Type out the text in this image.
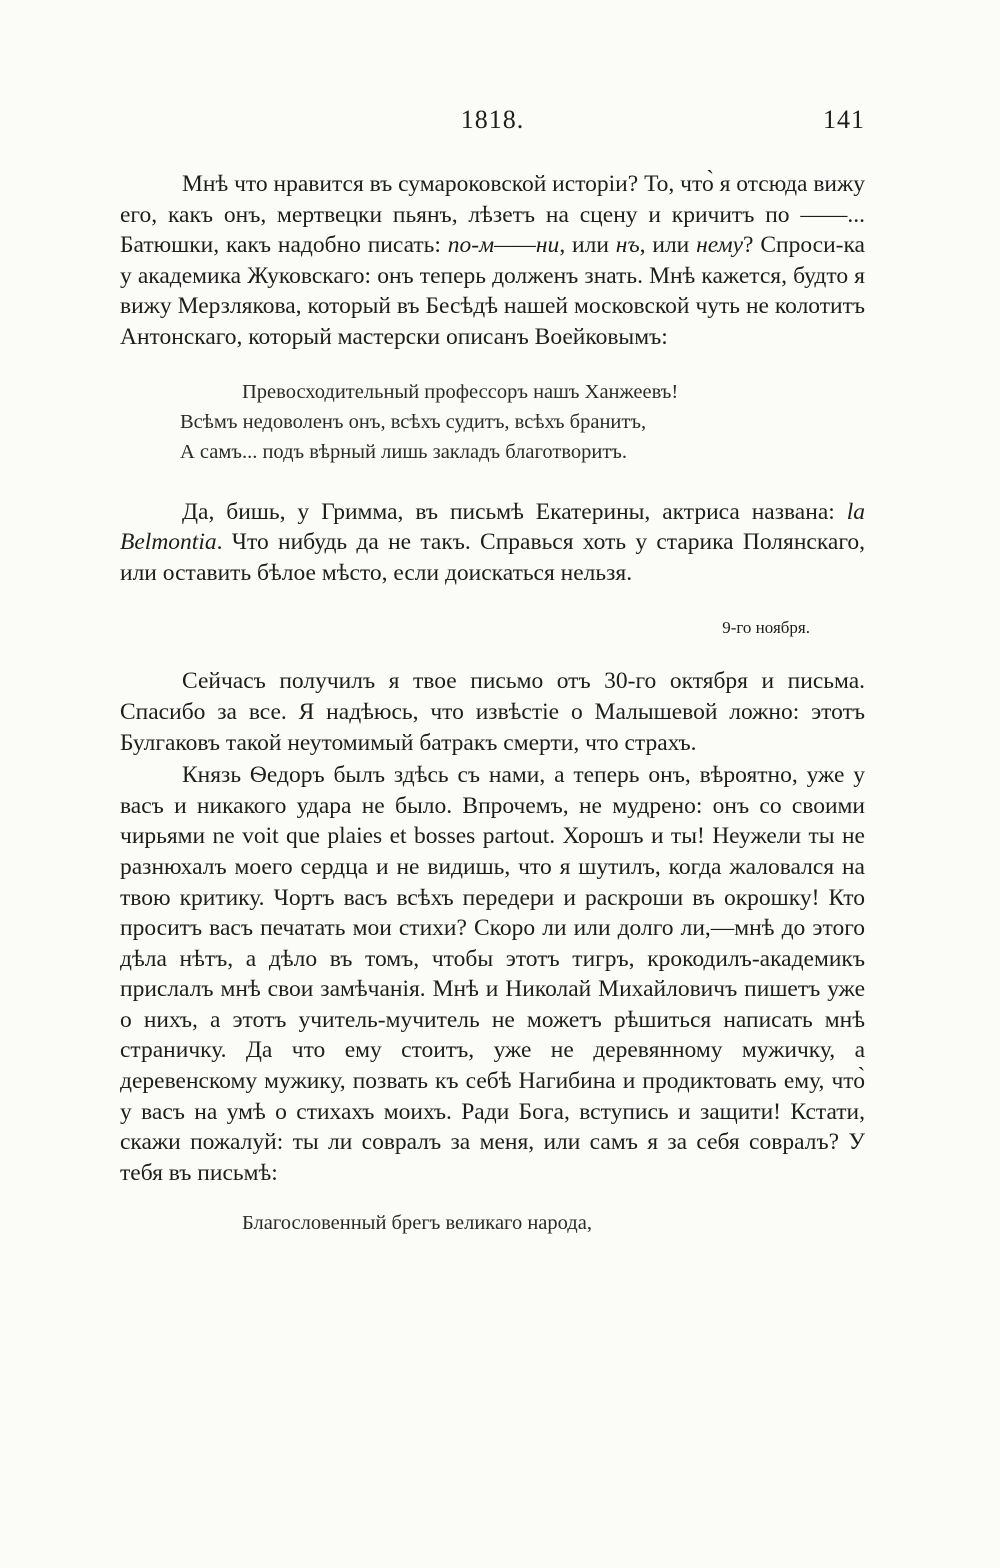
1818.	141

Мнѣ что нравится въ сумароковской исторіи? То, что̀ я отсюда вижу его, какъ онъ, мертвецки пьянъ, лѣзетъ на сцену и кричитъ по ——... Батюшки, какъ надобно писать: по-м——ни, или нъ, или нему? Спроси-ка у академика Жуковскаго: онъ теперь долженъ знать. Мнѣ кажется, будто я вижу Мерзлякова, который въ Бесѣдѣ нашей московской чуть не колотитъ Антонскаго, который мастерски описанъ Воейковымъ:

Превосходительный профессоръ нашъ Ханжеевъ!
Всѣмъ недоволенъ онъ, всѣхъ судитъ, всѣхъ бранитъ,
А самъ... подъ вѣрный лишь закладъ благотворитъ.

Да, бишь, у Гримма, въ письмѣ Екатерины, актриса названа: la Belmontia. Что нибудь да не такъ. Справься хоть у старика Полянскаго, или оставить бѣлое мѣсто, если доискаться нельзя.

9-го ноября.

Сейчасъ получилъ я твое письмо отъ 30-го октября и письма. Спасибо за все. Я надѣюсь, что извѣстіе о Малышевой ложно: этотъ Булгаковъ такой неутомимый батракъ смерти, что страхъ.

Князь Ѳедоръ былъ здѣсь съ нами, а теперь онъ, вѣроятно, уже у васъ и никакого удара не было. Впрочемъ, не мудрено: онъ со своими чирьями ne voit que plaies et bosses partout. Хорошъ и ты! Неужели ты не разнюхалъ моего сердца и не видишь, что я шутилъ, когда жаловался на твою критику. Чортъ васъ всѣхъ передери и раскроши въ окрошку! Кто проситъ васъ печатать мои стихи? Скоро ли или долго ли,—мнѣ до этого дѣла нѣтъ, а дѣло въ томъ, чтобы этотъ тигръ, крокодилъ-академикъ прислалъ мнѣ свои замѣчанія. Мнѣ и Николай Михайловичъ пишетъ уже о нихъ, а этотъ учитель-мучитель не можетъ рѣшиться написать мнѣ страничку. Да что ему стоитъ, уже не деревянному мужичку, а деревенскому мужику, позвать къ себѣ Нагибина и продиктовать ему, что̀ у васъ на умѣ о стихахъ моихъ. Ради Бога, вступись и защити! Кстати, скажи пожалуй: ты ли совралъ за меня, или самъ я за себя совралъ? У тебя въ письмѣ:

Благословенный брегъ великаго народа,
